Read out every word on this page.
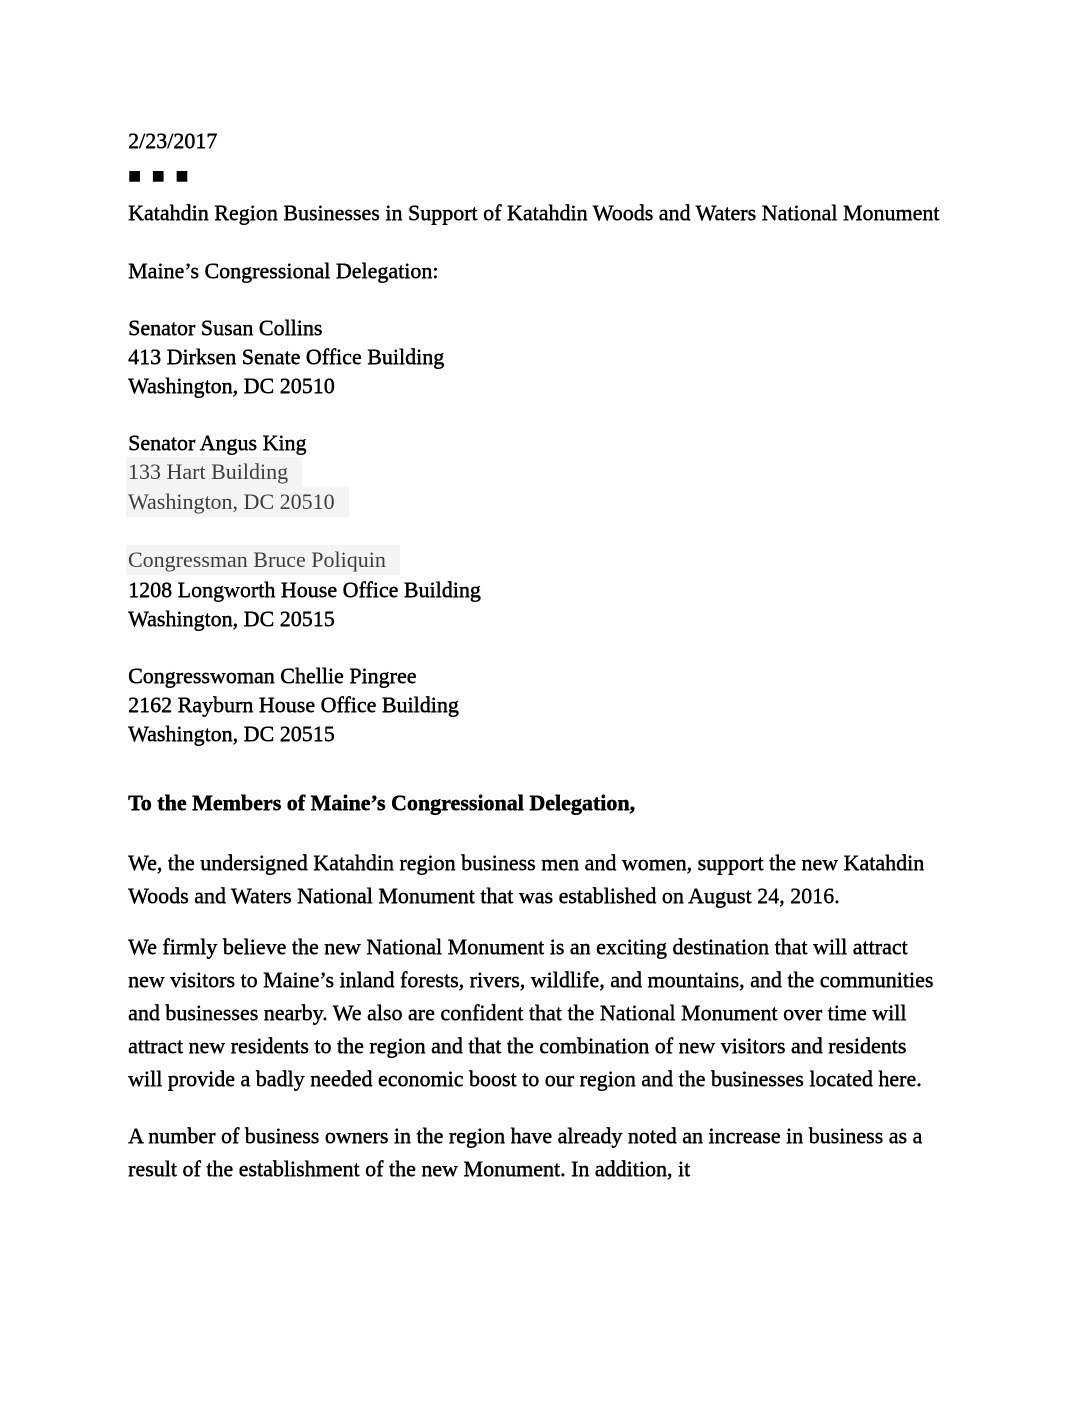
2/23/2017
■ ■ ■
Katahdin Region Businesses in Support of Katahdin Woods and Waters National Monument
Maine’s Congressional Delegation:
Senator Susan Collins
413 Dirksen Senate Office Building
Washington, DC 20510
Senator Angus King
133 Hart Building
Washington, DC 20510
Congressman Bruce Poliquin
1208 Longworth House Office Building
Washington, DC 20515
Congresswoman Chellie Pingree
2162 Rayburn House Office Building
Washington, DC 20515
To the Members of Maine’s Congressional Delegation,

We, the undersigned Katahdin region business men and women, support the new Katahdin Woods and Waters National Monument that was established on August 24, 2016.

We firmly believe the new National Monument is an exciting destination that will attract new visitors to Maine’s inland forests, rivers, wildlife, and mountains, and the communities and businesses nearby. We also are confident that the National Monument over time will attract new residents to the region and that the combination of new visitors and residents will provide a badly needed economic boost to our region and the businesses located here.

A number of business owners in the region have already noted an increase in business as a result of the establishment of the new Monument. In addition, it
